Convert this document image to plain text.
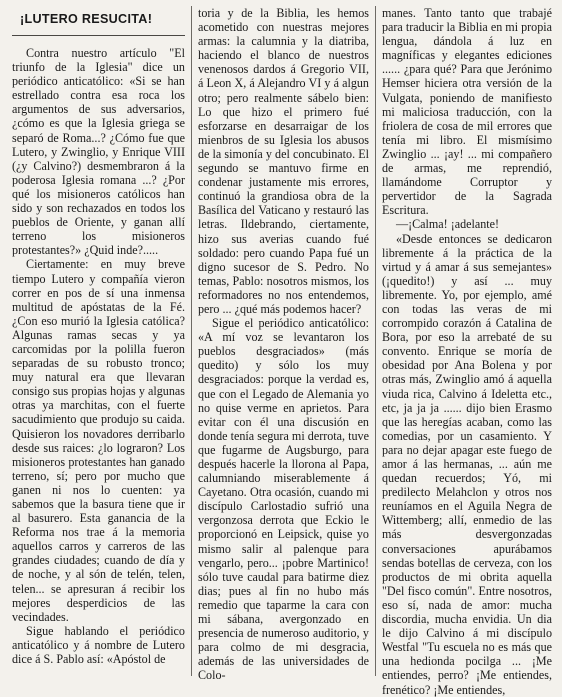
¡LUTERO RESUCITA!

Contra nuestro artículo "El triunfo de la Iglesia" dice un periódico anticatólico: «Si se han estrellado contra esa roca los argumentos de sus adversarios, ¿cómo es que la Iglesia griega se separó de Roma...? ¿Cómo fue que Lutero, y Zwinglio, y Enrique VIII (¿y Calvino?) desmembraron á la poderosa Iglesia romana ...? ¿Por qué los misioneros católicos han sido y son rechazados en todos los pueblos de Oriente, y ganan allí terreno los misioneros protestantes?» ¿Quid inde?.....

Ciertamente: en muy breve tiempo Lutero y compañía vieron correr en pos de sí una inmensa multitud de apóstatas de la Fé. ¿Con eso murió la Iglesia católica? Algunas ramas secas y ya carcomidas por la polilla fueron separadas de su robusto tronco; muy natural era que llevaran consigo sus propias hojas y algunas otras ya marchitas, con el fuerte sacudimiento que produjo su caida. Quisieron los novadores derribarlo desde sus raices: ¿lo lograron? Los misioneros protestantes han ganado terreno, sí; pero por mucho que ganen ni nos lo cuenten: ya sabemos que la basura tiene que ir al basurero. Esta ganancia de la Reforma nos trae á la memoria aquellos carros y carreros de las grandes ciudades; cuando de día y de noche, y al són de telén, telen, telen... se apresuran á recibir los mejores desperdicios de las vecindades.

Sigue hablando el periódico anticatólico y á nombre de Lutero dice á S. Pablo así: «Apóstol de

toria y de la Biblia, les hemos acometido con nuestras mejores armas: la calumnia y la diatriba, haciendo el blanco de nuestros venenosos dardos á Gregorio VII, á Leon X, á Alejandro VI y á algun otro; pero realmente sábelo bien: Lo que hizo el primero fué esforzarse en desarraigar de los mienbros de su Iglesia los abusos de la simonía y del concubinato. El segundo se mantuvo firme en condenar justamente mis errores, continuó la grandiosa obra de la Basílica del Vaticano y restauró las letras. Ildebrando, ciertamente, hizo sus averias cuando fué soldado: pero cuando Papa fué un digno sucesor de S. Pedro. No temas, Pablo: nosotros mismos, los reformadores no nos entendemos, pero ... ¿qué más podemos hacer?

Sigue el periódico anticatólico: «A mí voz se levantaron los pueblos desgraciados» (más quedito) y sólo los muy desgraciados: porque la verdad es, que con el Legado de Alemania yo no quise verme en aprietos. Para evitar con él una discusión en donde tenía segura mi derrota, tuve que fugarme de Augsburgo, para después hacerle la llorona al Papa, calumniando miserablemente á Cayetano. Otra ocasión, cuando mi discípulo Carlostadio sufrió una vergonzosa derrota que Eckio le proporcionó en Leipsick, quise yo mismo salir al palenque para vengarlo, pero... ¡pobre Martinico! sólo tuve caudal para batirme diez dias; pues al fin no hubo más remedio que taparme la cara con mi sábana, avergonzado en presencia de numeroso auditorio, y para colmo de mi desgracia, además de las universidades de Colo-

manes. Tanto tanto que trabajé para traducir la Biblia en mi propia lengua, dándola á luz en magníficas y elegantes ediciones ...... ¿para qué? Para que Jerónimo Hemser hiciera otra versión de la Vulgata, poniendo de manifiesto mi maliciosa traducción, con la friolera de cosa de mil errores que tenía mi libro. El mismísimo Zwinglio ... ¡ay! ... mi compañero de armas, me reprendió, llamándome Corruptor y pervertidor de la Sagrada Escritura.

—¡Calma! ¡adelante!

«Desde entonces se dedicaron libremente á la práctica de la virtud y á amar á sus semejantes» (¡quedito!) y así ... muy libremente. Yo, por ejemplo, amé con todas las veras de mi corrompido corazón á Catalina de Bora, por eso la arrebaté de su convento. Enrique se moría de obesidad por Ana Bolena y por otras más, Zwinglio amó á aquella viuda rica, Calvino á Ideletta etc., etc, ja ja ja ...... dijo bien Erasmo que las heregías acaban, como las comedias, por un casamiento. Y para no dejar apagar este fuego de amor á las hermanas, ... aún me quedan recuerdos; Yó, mi predilecto Melahclon y otros nos reuníamos en el Aguila Negra de Wittemberg; allí, enmedio de las más desvergonzadas conversaciones apurábamos sendas botellas de cerveza, con los productos de mi obrita aquella "Del fisco común". Entre nosotros, eso sí, nada de amor: mucha discordia, mucha envidia. Un dia le dijo Calvino á mi discípulo Westfal "Tu escuela no es más que una hedionda pocilga ... ¡Me entiendes, perro? ¡Me entiendes, frenético? ¡Me entiendes,
